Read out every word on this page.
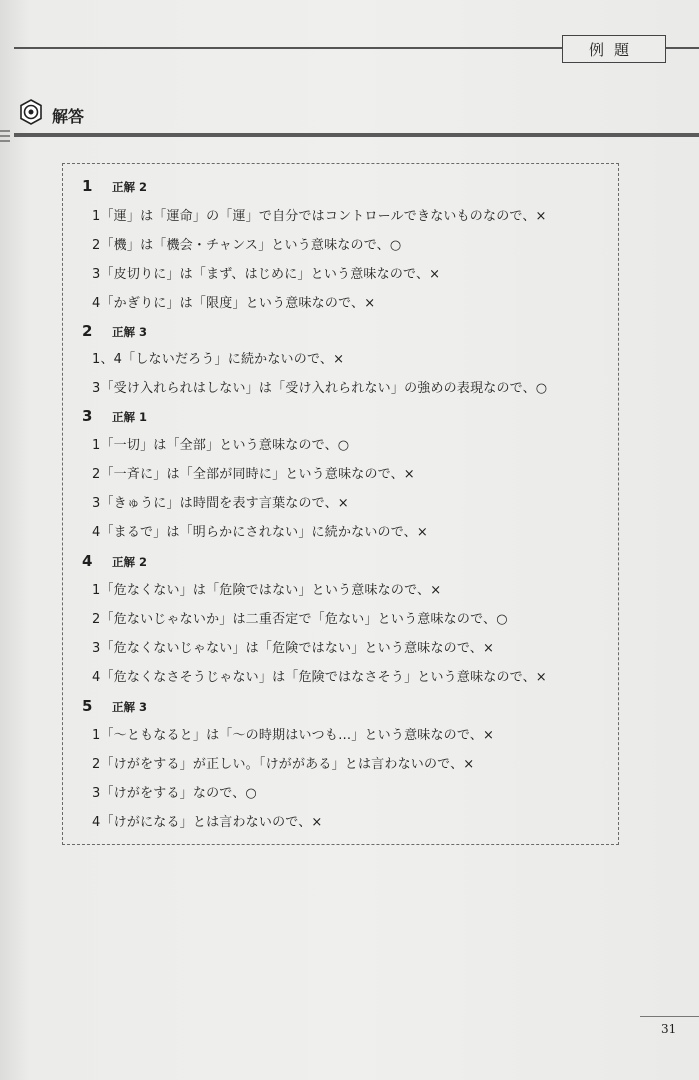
例題
解答
1	正解 2
1「運」は「運命」の「運」で自分ではコントロールできないものなので、×
2「機」は「機会・チャンス」という意味なので、○
3「皮切りに」は「まず、はじめに」という意味なので、×
4「かぎりに」は「限度」という意味なので、×
2	正解 3
1、4「しないだろう」に続かないので、×
3「受け入れられはしない」は「受け入れられない」の強めの表現なので、○
3	正解 1
1「一切」は「全部」という意味なので、○
2「一斉に」は「全部が同時に」という意味なので、×
3「きゅうに」は時間を表す言葉なので、×
4「まるで」は「明らかにされない」に続かないので、×
4	正解 2
1「危なくない」は「危険ではない」という意味なので、×
2「危ないじゃないか」は二重否定で「危ない」という意味なので、○
3「危なくないじゃない」は「危険ではない」という意味なので、×
4「危なくなさそうじゃない」は「危険ではなさそう」という意味なので、×
5	正解 3
1「〜ともなると」は「〜の時期はいつも…」という意味なので、×
2「けがをする」が正しい。「けががある」とは言わないので、×
3「けがをする」なので、○
4「けがになる」とは言わないので、×
31
